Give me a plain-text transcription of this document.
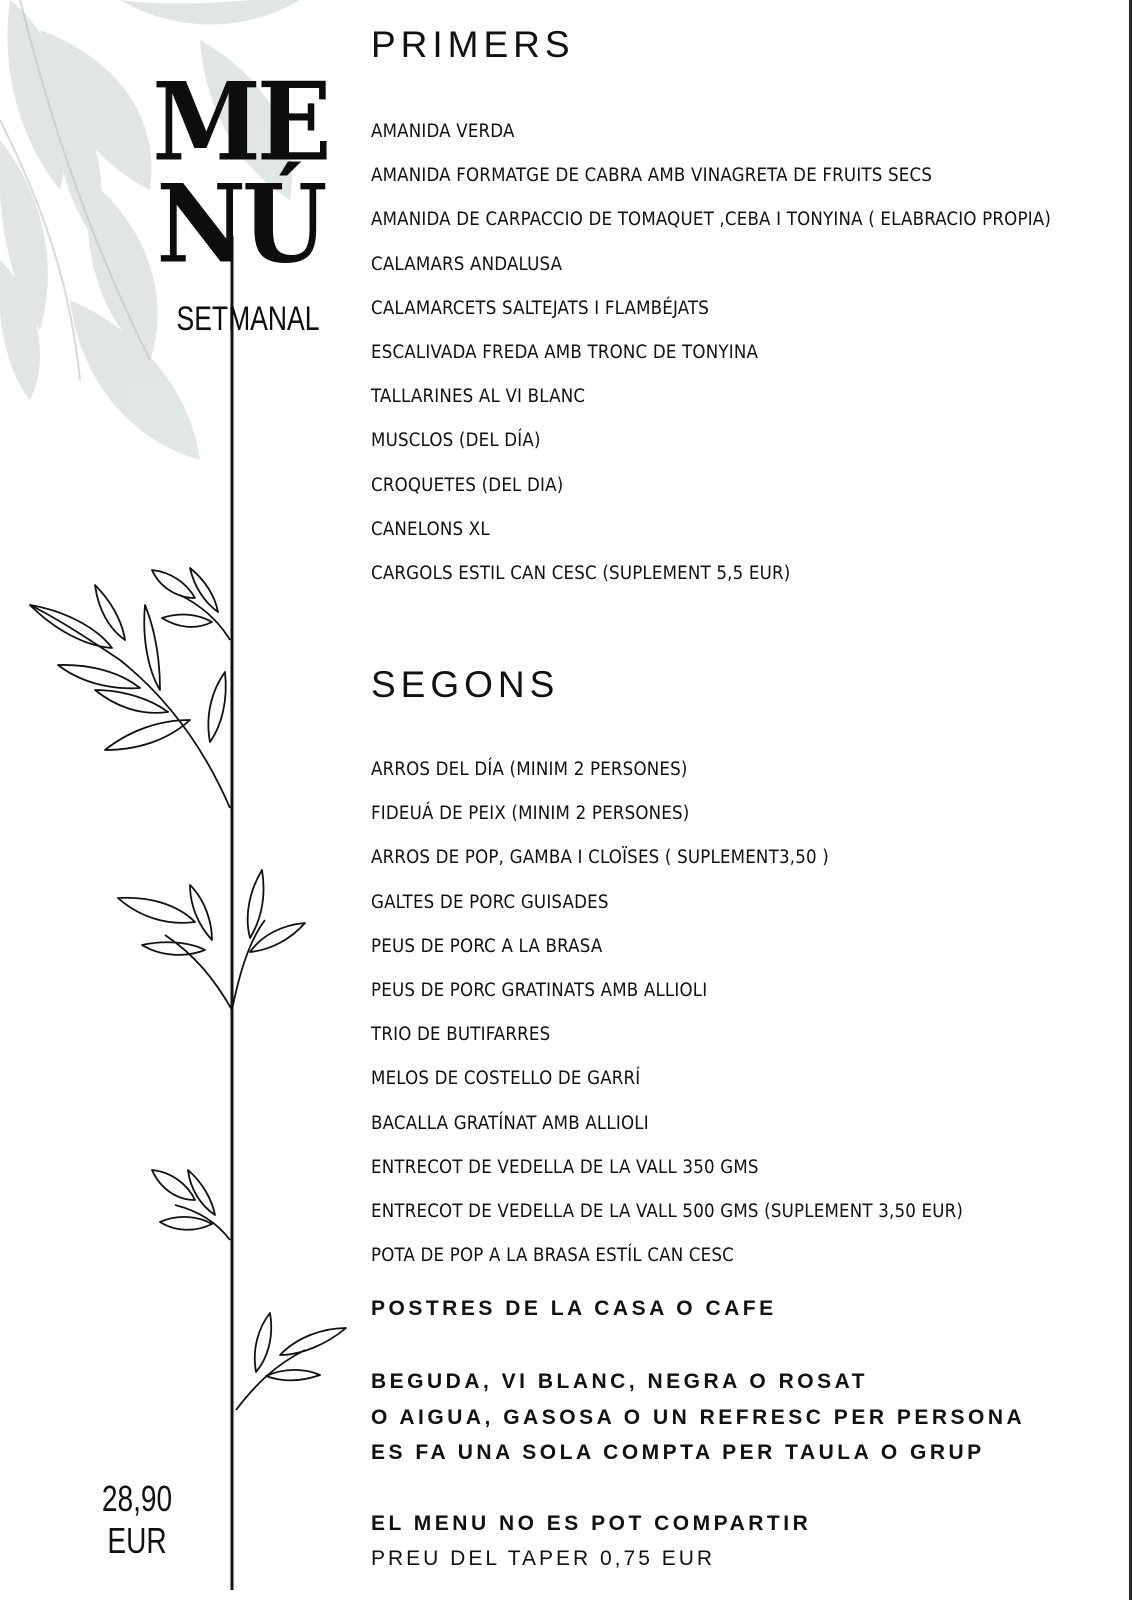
ME
NÚ
SETMANAL
28,90 EUR
PRIMERS
AMANIDA VERDA
AMANIDA FORMATGE DE CABRA AMB VINAGRETA DE FRUITS SECS
AMANIDA DE CARPACCIO DE TOMAQUET ,CEBA I TONYINA ( ELABRACIO PROPIA)
CALAMARS ANDALUSA
CALAMARCETS SALTEJATS I FLAMBÉJATS
ESCALIVADA FREDA AMB TRONC DE TONYINA
TALLARINES AL VI BLANC
MUSCLOS (DEL DÍA)
CROQUETES (DEL DIA)
CANELONS XL
CARGOLS ESTIL CAN CESC (SUPLEMENT 5,5 EUR)
SEGONS
ARROS DEL DÍA (MINIM 2 PERSONES)
FIDEUÁ DE PEIX (MINIM 2 PERSONES)
ARROS DE POP, GAMBA I CLOÏSES ( SUPLEMENT3,50 )
GALTES DE PORC GUISADES
PEUS DE PORC A LA BRASA
PEUS DE PORC GRATINATS AMB ALLIOLI
TRIO DE BUTIFARRES
MELOS DE COSTELLO DE GARRÍ
BACALLA GRATÍNAT AMB ALLIOLI
ENTRECOT DE VEDELLA DE LA VALL 350 GMS
ENTRECOT DE VEDELLA DE LA VALL 500 GMS (SUPLEMENT 3,50 EUR)
POTA DE POP A LA BRASA ESTÍL CAN CESC
POSTRES DE LA CASA O CAFE
BEGUDA, VI BLANC, NEGRA O ROSAT
O AIGUA, GASOSA O UN REFRESC PER PERSONA
ES FA UNA SOLA COMPTA PER TAULA O GRUP
EL MENU NO ES POT COMPARTIR
PREU DEL TAPER 0,75 EUR
